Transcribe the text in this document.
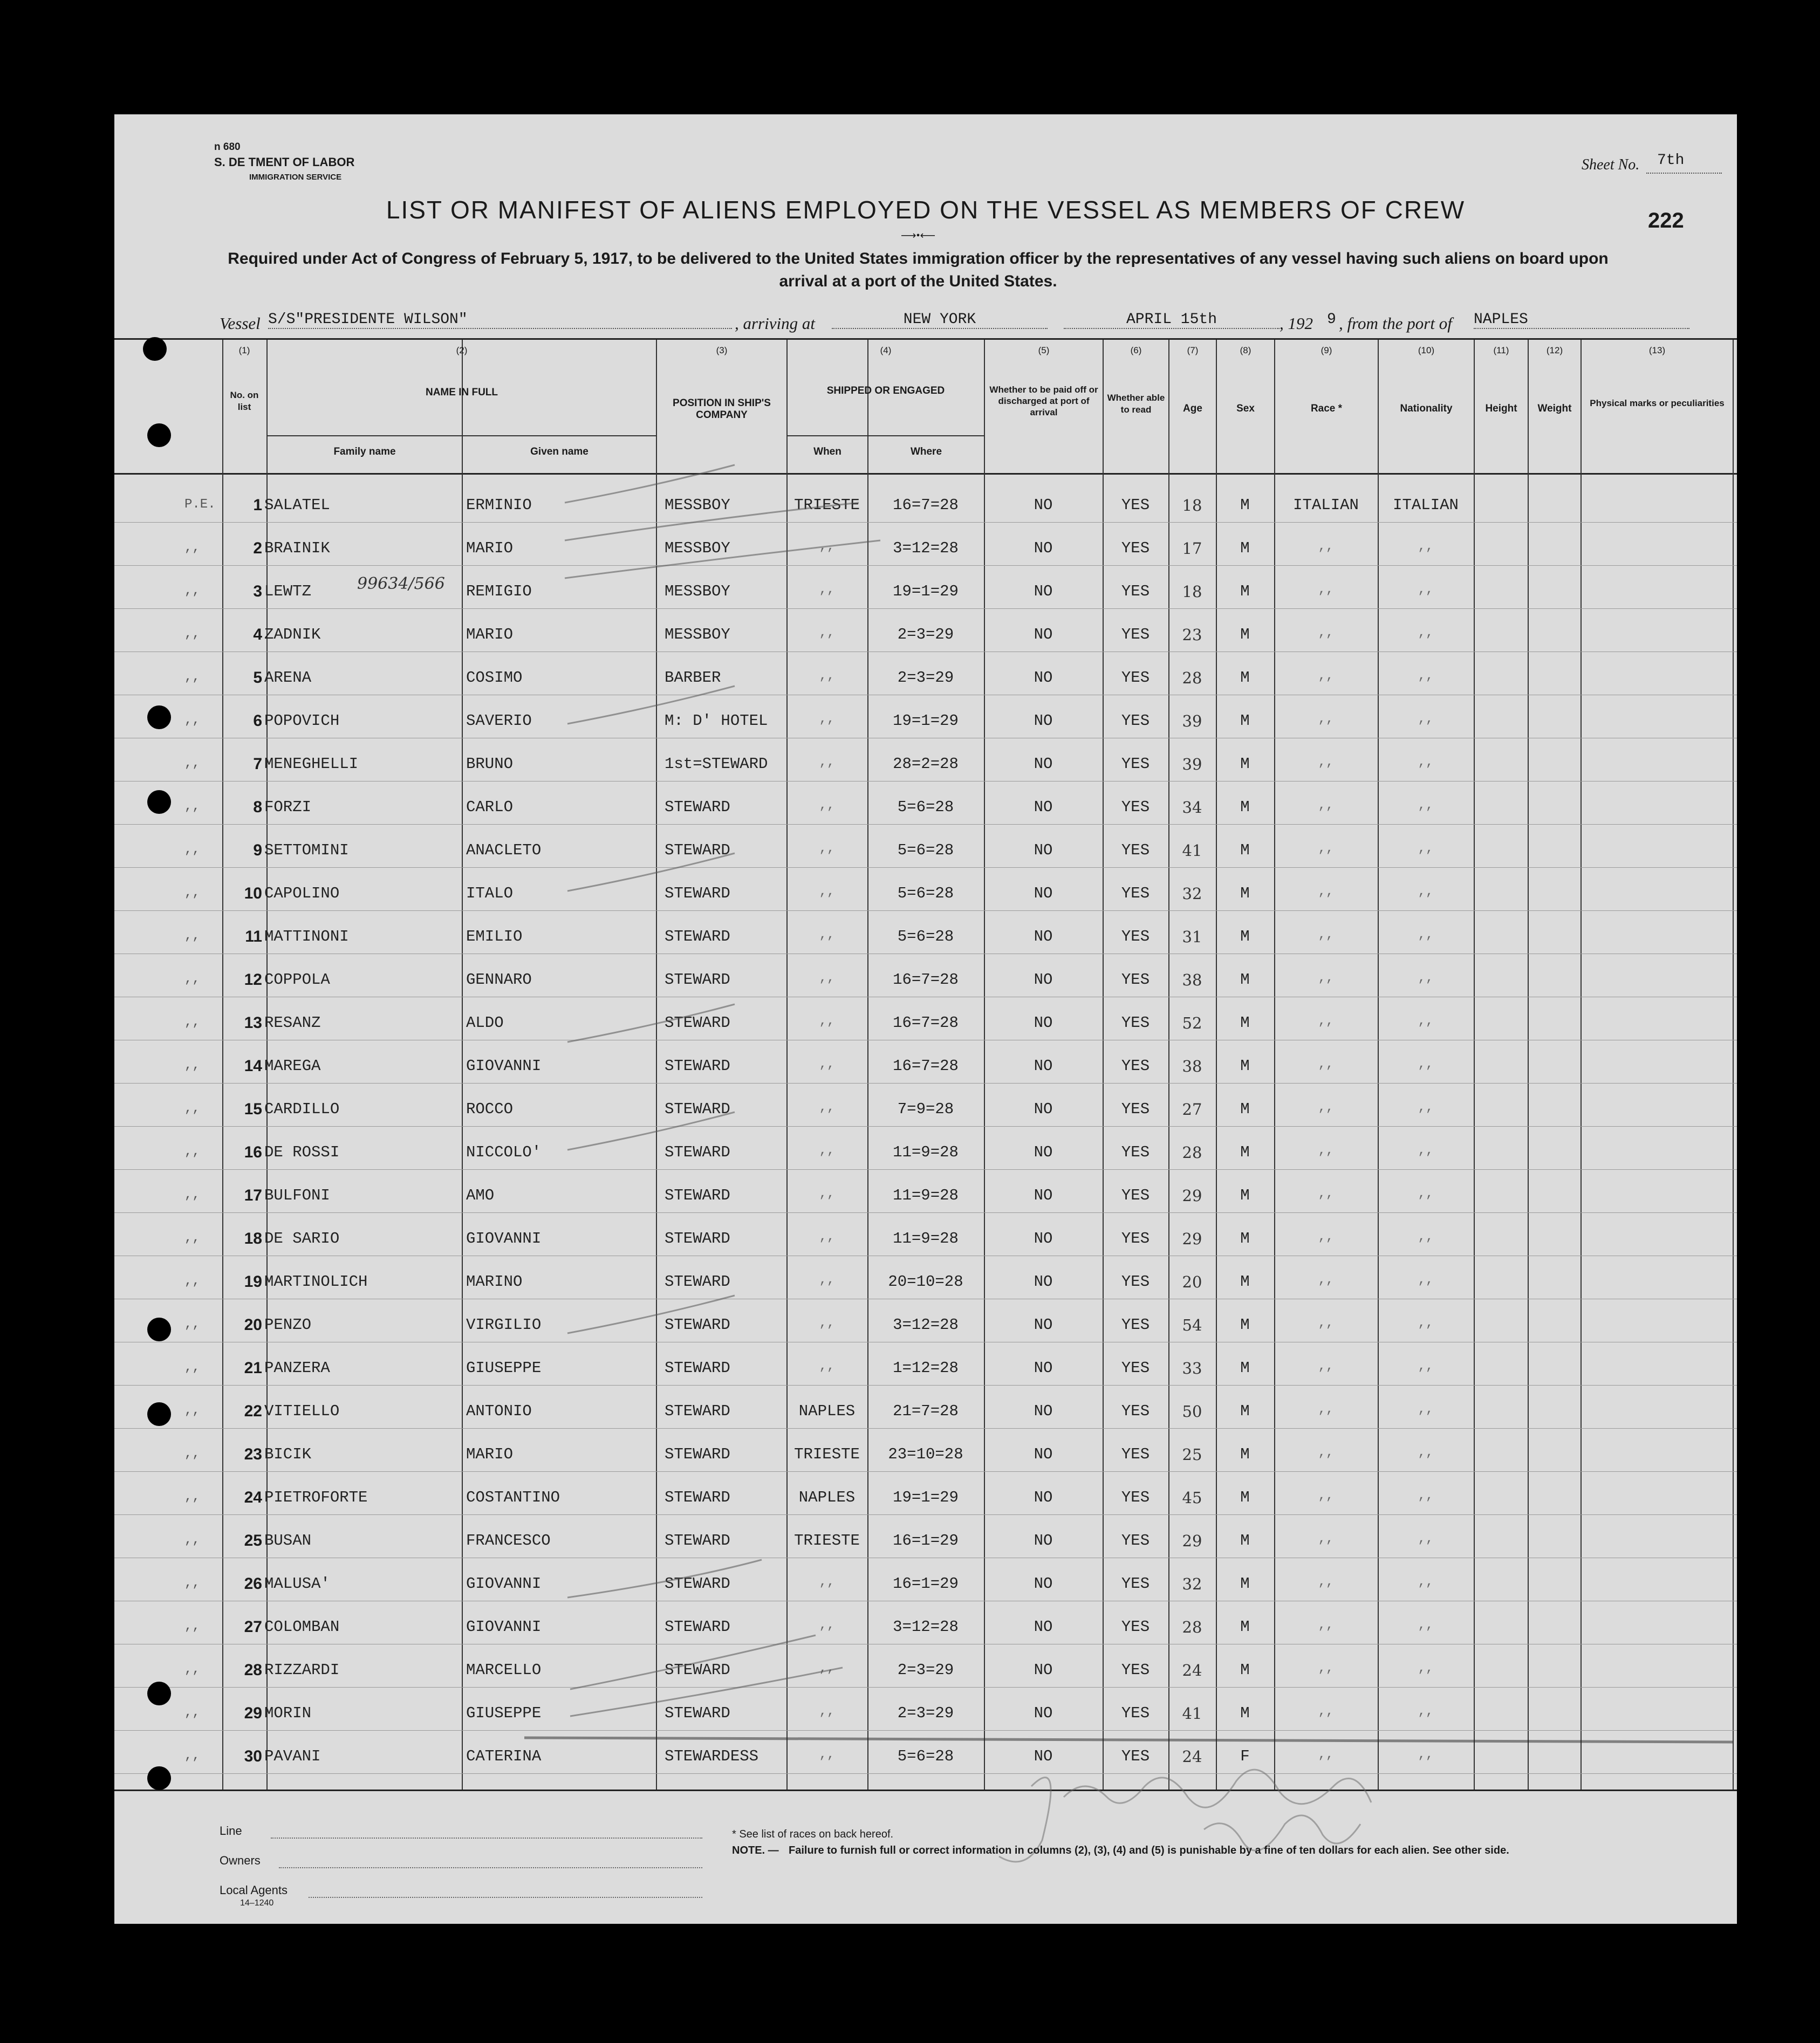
n 680
S. DE TMENT OF LABOR
IMMIGRATION SERVICE
Sheet No. 7th
222
LIST OR MANIFEST OF ALIENS EMPLOYED ON THE VESSEL AS MEMBERS OF CREW
⟶•⟵
Required under Act of Congress of February 5, 1917, to be delivered to the United States immigration officer by the representatives of any vessel having such aliens on board upon arrival at a port of the United States.
Vessel S/S"PRESIDENTE WILSON"	, arriving at	NEW YORK	APRIL 15th	, 192 9 , from the port of NAPLES
(1)
No. on list
(2)
NAME IN FULL
Family name	Given name
(3)
POSITION IN SHIP'S COMPANY
(4)
SHIPPED OR ENGAGED
When	Where
(5)
Whether to be paid off or discharged at port of arrival
(6)
Whether able to read
(7)
Age
(8)
Sex
(9)
Race *
(10)
Nationality
(11)
Height
(12)
Weight
(13)
Physical marks or peculiarities
P.E.	1 SALATEL	ERMINIO	MESSBOY	TRIESTE	16=7=28	NO	YES	18	M	ITALIAN	ITALIAN
,,	2 BRAINIK	MARIO	MESSBOY	,,	3=12=28	NO	YES	17	M	,,	,,
,,	3 LEWTZ	REMIGIO	MESSBOY	,,	19=1=29	NO	YES	18	M	,,	,,
,,	4 ZADNIK	MARIO	MESSBOY	,,	2=3=29	NO	YES	23	M	,,	,,
,,	5 ARENA	COSIMO	BARBER	,,	2=3=29	NO	YES	28	M	,,	,,
,,	6 POPOVICH	SAVERIO	M: D' HOTEL	,,	19=1=29	NO	YES	39	M	,,	,,
,,	7 MENEGHELLI	BRUNO	1st=STEWARD	,,	28=2=28	NO	YES	39	M	,,	,,
,,	8 FORZI	CARLO	STEWARD	,,	5=6=28	NO	YES	34	M	,,	,,
,,	9 SETTOMINI	ANACLETO	STEWARD	,,	5=6=28	NO	YES	41	M	,,	,,
,,	10 CAPOLINO	ITALO	STEWARD	,,	5=6=28	NO	YES	32	M	,,	,,
,,	11 MATTINONI	EMILIO	STEWARD	,,	5=6=28	NO	YES	31	M	,,	,,
,,	12 COPPOLA	GENNARO	STEWARD	,,	16=7=28	NO	YES	38	M	,,	,,
,,	13 RESANZ	ALDO	STEWARD	,,	16=7=28	NO	YES	52	M	,,	,,
,,	14 MAREGA	GIOVANNI	STEWARD	,,	16=7=28	NO	YES	38	M	,,	,,
,,	15 CARDILLO	ROCCO	STEWARD	,,	7=9=28	NO	YES	27	M	,,	,,
,,	16 DE ROSSI	NICCOLO'	STEWARD	,,	11=9=28	NO	YES	28	M	,,	,,
,,	17 BULFONI	AMO	STEWARD	,,	11=9=28	NO	YES	29	M	,,	,,
,,	18 DE SARIO	GIOVANNI	STEWARD	,,	11=9=28	NO	YES	29	M	,,	,,
,,	19 MARTINOLICH	MARINO	STEWARD	,,	20=10=28	NO	YES	20	M	,,	,,
,,	20 PENZO	VIRGILIO	STEWARD	,,	3=12=28	NO	YES	54	M	,,	,,
,,	21 PANZERA	GIUSEPPE	STEWARD	,,	1=12=28	NO	YES	33	M	,,	,,
,,	22 VITIELLO	ANTONIO	STEWARD	NAPLES	21=7=28	NO	YES	50	M	,,	,,
,,	23 BICIK	MARIO	STEWARD	TRIESTE	23=10=28	NO	YES	25	M	,,	,,
,,	24 PIETROFORTE	COSTANTINO	STEWARD	NAPLES	19=1=29	NO	YES	45	M	,,	,,
,,	25 BUSAN	FRANCESCO	STEWARD	TRIESTE	16=1=29	NO	YES	29	M	,,	,,
,,	26 MALUSA'	GIOVANNI	STEWARD	,,	16=1=29	NO	YES	32	M	,,	,,
,,	27 COLOMBAN	GIOVANNI	STEWARD	,,	3=12=28	NO	YES	28	M	,,	,,
,,	28 RIZZARDI	MARCELLO	STEWARD	,,	2=3=29	NO	YES	24	M	,,	,,
,,	29 MORIN	GIUSEPPE	STEWARD	,,	2=3=29	NO	YES	41	M	,,	,,
,,	30 PAVANI	CATERINA	STEWARDESS	,,	5=6=28	NO	YES	24	F	,,	,,
99634/566
Line
Owners
Local Agents
14–1240
* See list of races on back hereof.
NOTE. — Failure to furnish full or correct information in columns (2), (3), (4) and (5) is punishable by a fine of ten dollars for each alien. See other side.
